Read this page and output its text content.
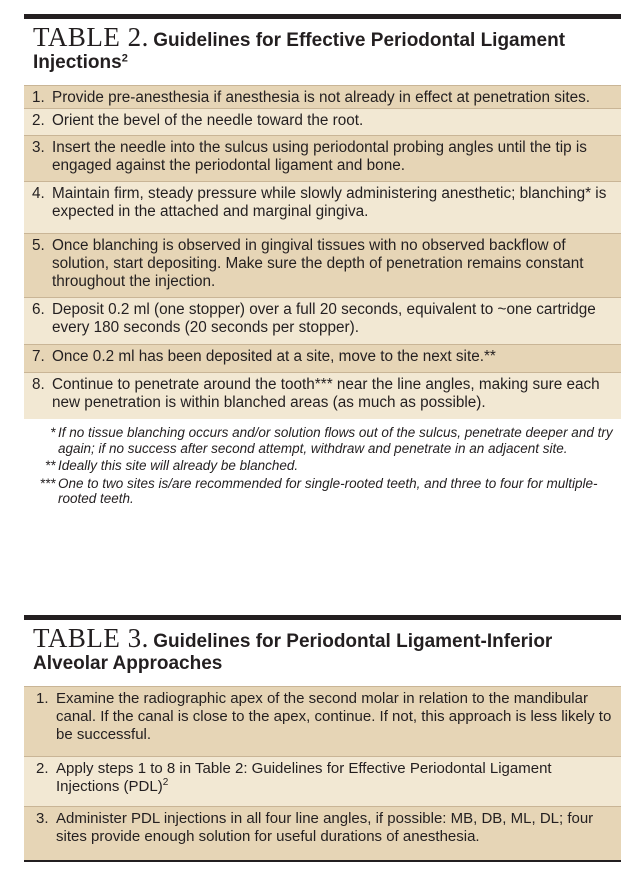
TABLE 2. Guidelines for Effective Periodontal Ligament
Injections$^2$
1. Provide pre-anesthesia if anesthesia is not already in effect at penetration sites.
2. Orient the bevel of the needle toward the root.
3. Insert the needle into the sulcus using periodontal probing angles until the tip is engaged against the periodontal ligament and bone.
4. Maintain firm, steady pressure while slowly administering anesthetic; blanching* is expected in the attached and marginal gingiva.
5. Once blanching is observed in gingival tissues with no observed backflow of solution, start depositing. Make sure the depth of penetration remains constant throughout the injection.
6. Deposit 0.2 ml (one stopper) over a full 20 seconds, equivalent to ~one cartridge every 180 seconds (20 seconds per stopper).
7. Once 0.2 ml has been deposited at a site, move to the next site.**
8. Continue to penetrate around the tooth*** near the line angles, making sure each new penetration is within blanched areas (as much as possible).
* If no tissue blanching occurs and/or solution flows out of the sulcus, penetrate deeper and try again; if no success after second attempt, withdraw and penetrate in an adjacent site.
** Ideally this site will already be blanched.
*** One to two sites is/are recommended for single-rooted teeth, and three to four for multiple-rooted teeth.
TABLE 3. Guidelines for Periodontal Ligament-Inferior
Alveolar Approaches
1. Examine the radiographic apex of the second molar in relation to the mandibular canal. If the canal is close to the apex, continue. If not, this approach is less likely to be successful.
2. Apply steps 1 to 8 in Table 2: Guidelines for Effective Periodontal Ligament Injections (PDL)$^2$
3. Administer PDL injections in all four line angles, if possible: MB, DB, ML, DL; four sites provide enough solution for useful durations of anesthesia.
